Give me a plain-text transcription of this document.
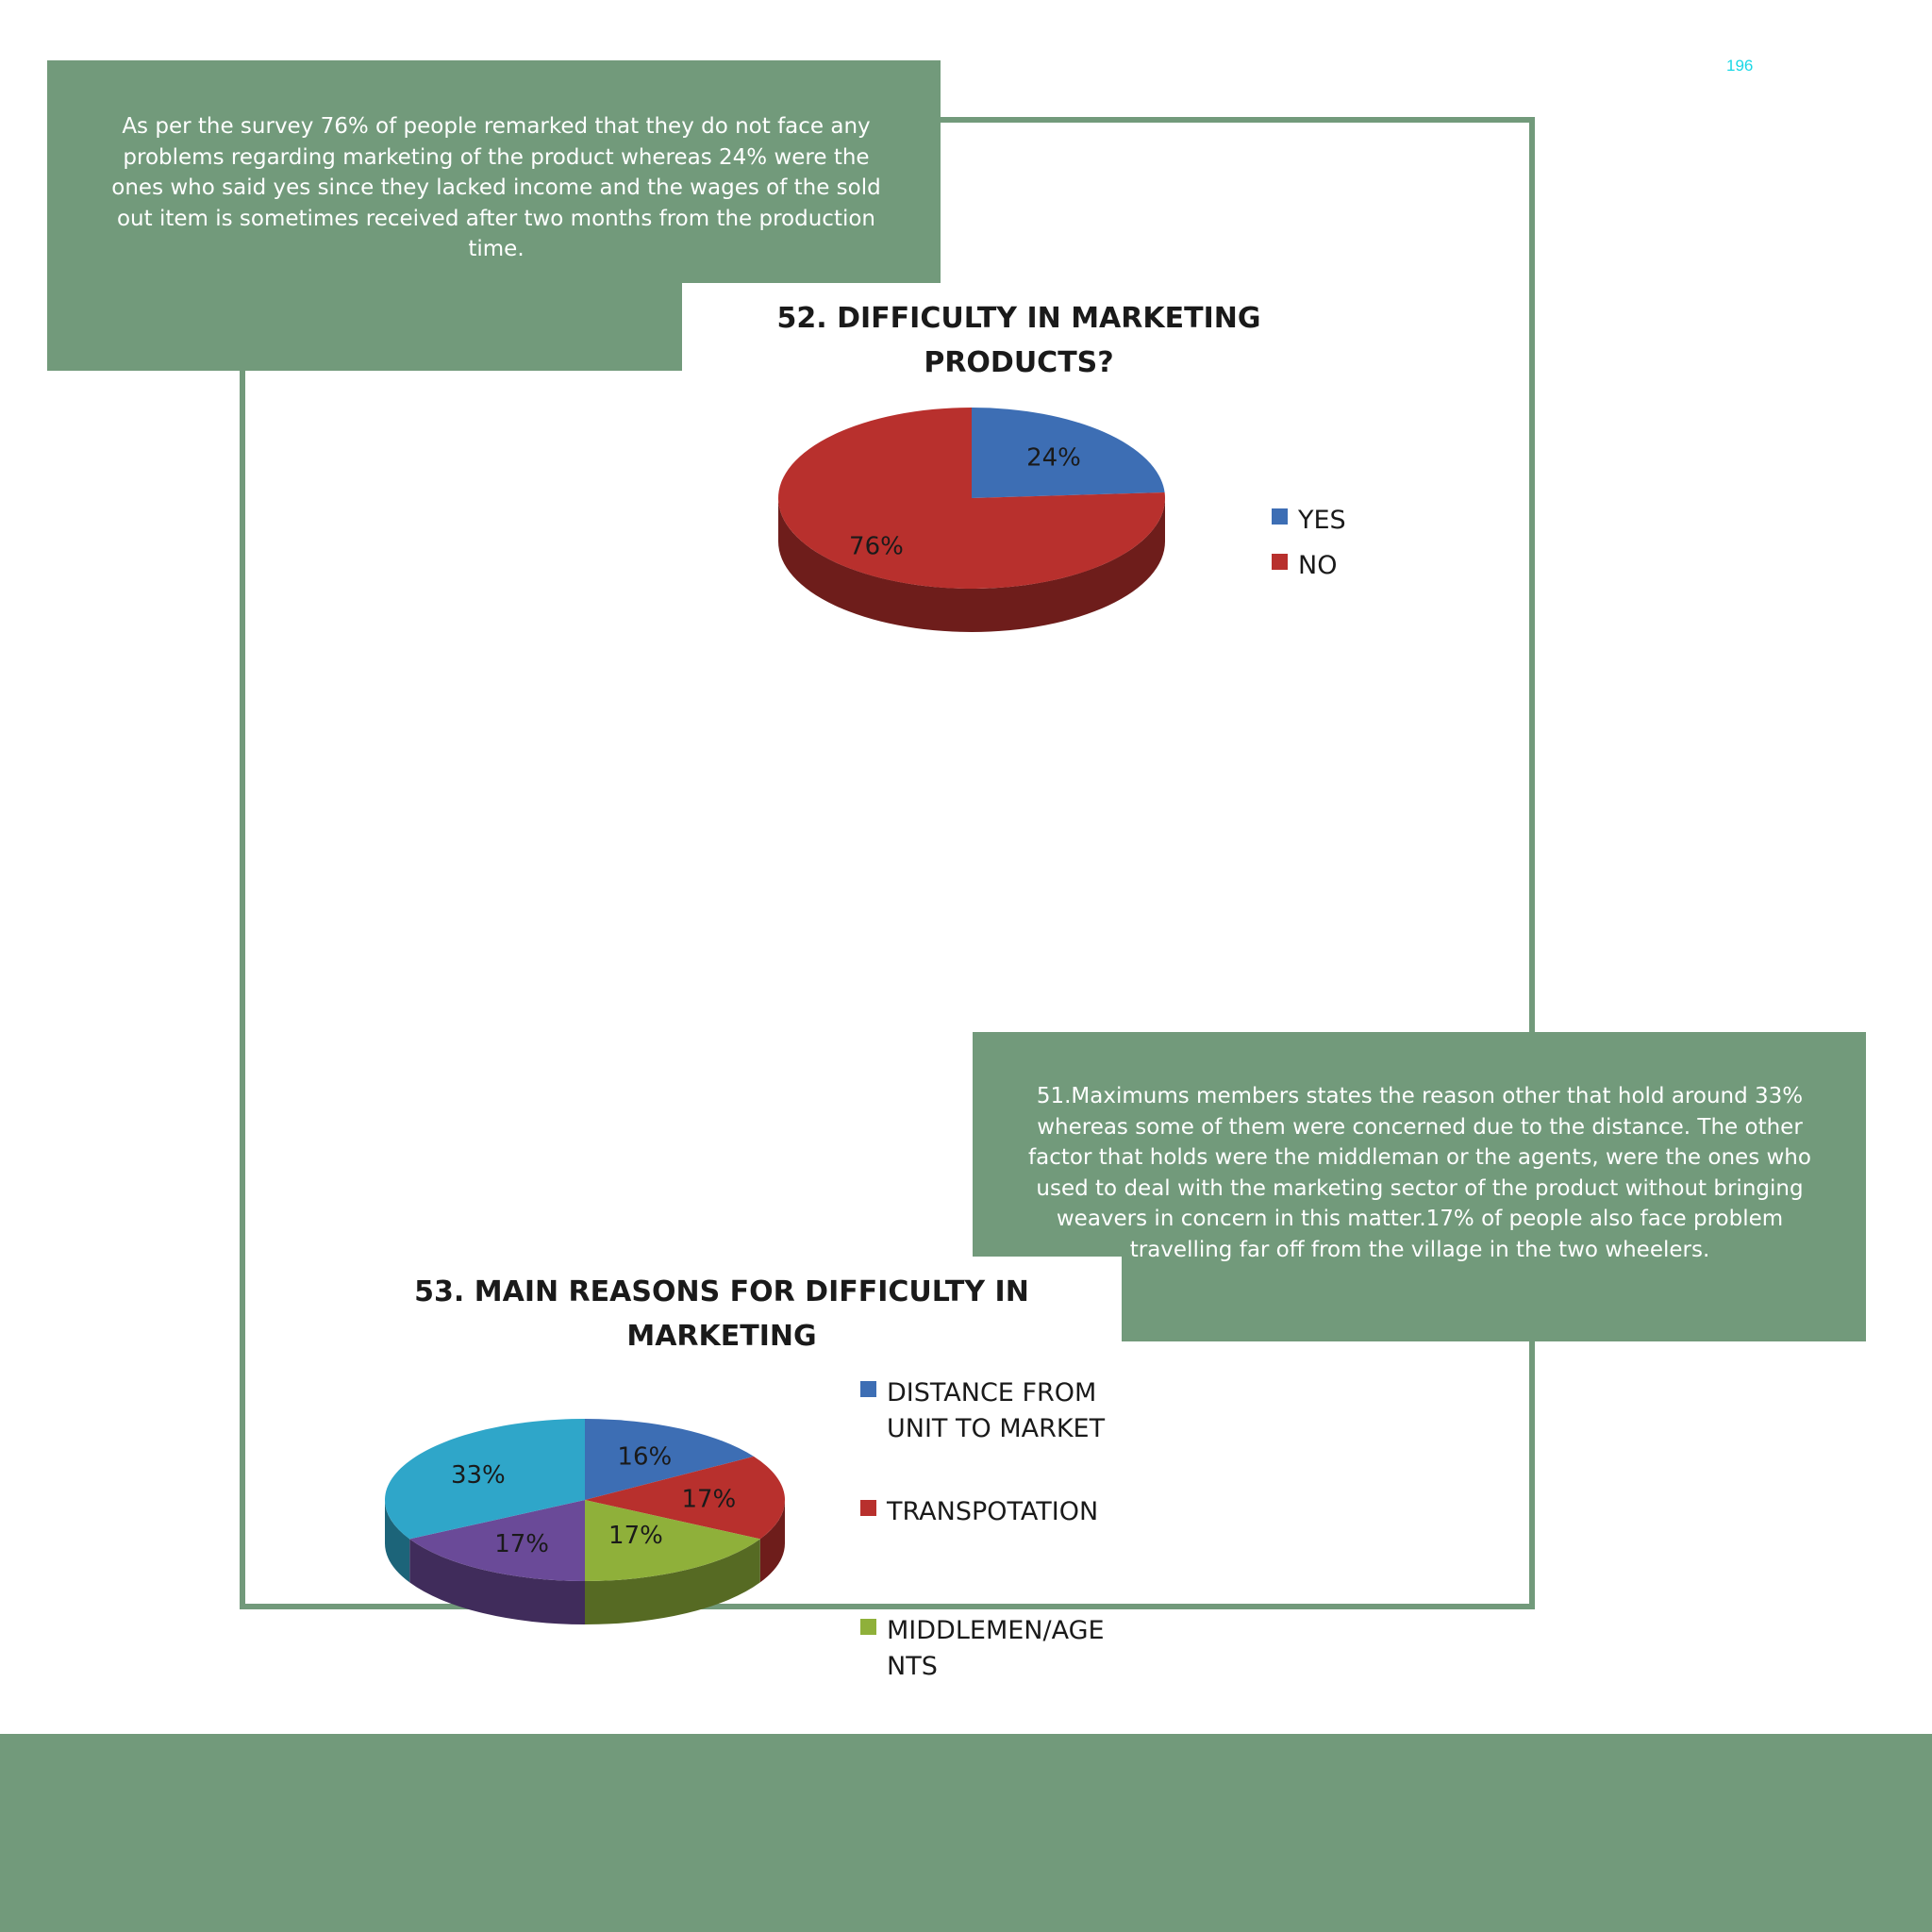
196

As per the survey 76% of people remarked that they do not face any problems regarding marketing of the product whereas 24% were the ones who said yes since they lacked income and the wages of the sold out item is sometimes received after two months from the production time.

51.Maximums members states the reason other that hold around 33% whereas some of them were concerned due to the distance. The other factor that holds were the middleman or the agents, were the ones who used to deal with the marketing sector of the product without bringing weavers in concern in this matter.17% of people also face problem travelling far off from the village in the two wheelers.

52. DIFFICULTY IN MARKETING PRODUCTS?
24%
76%
YES
NO
53. MAIN REASONS FOR DIFFICULTY IN MARKETING
16%
17%
17%
17%
33%
DISTANCE FROM
UNIT TO MARKET
TRANSPOTATION
MIDDLEMEN/AGE
NTS
